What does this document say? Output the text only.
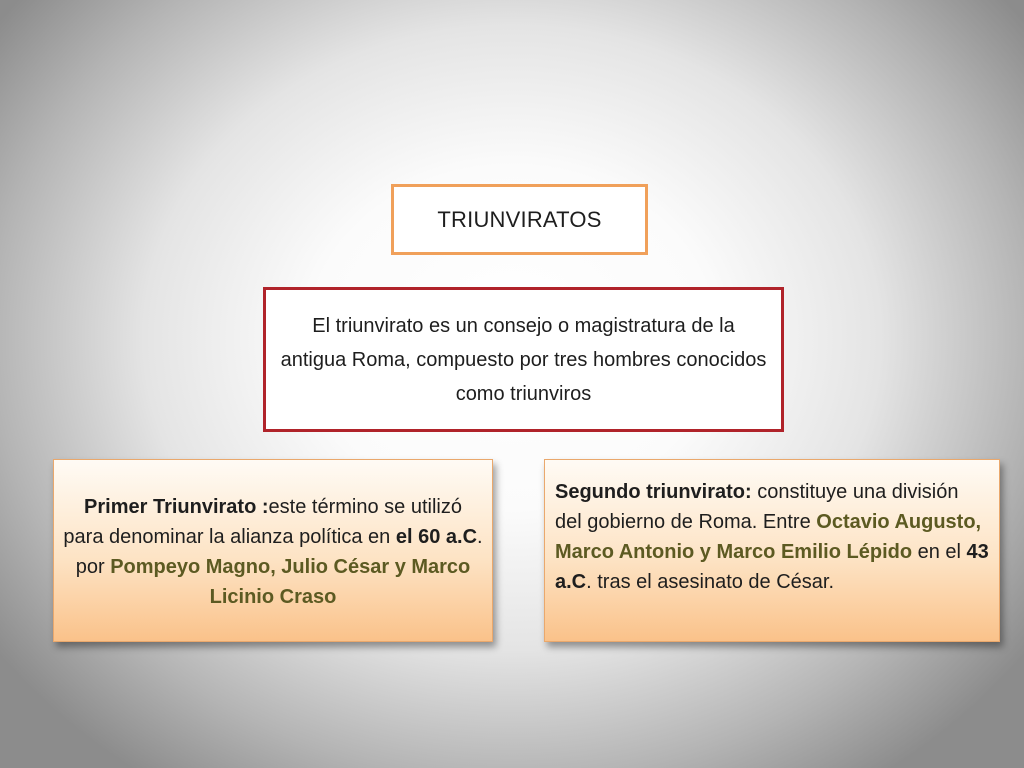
TRIUNVIRATOS
El triunvirato es un consejo o magistratura de la antigua Roma, compuesto por tres hombres conocidos como triunviros
Primer Triunvirato :este término se utilizó para denominar la alianza política en el 60 a.C. por Pompeyo Magno, Julio César y Marco Licinio Craso
Segundo triunvirato: constituye una división del gobierno de Roma. Entre Octavio Augusto, Marco Antonio y Marco Emilio Lépido en el 43 a.C. tras el asesinato de César.
